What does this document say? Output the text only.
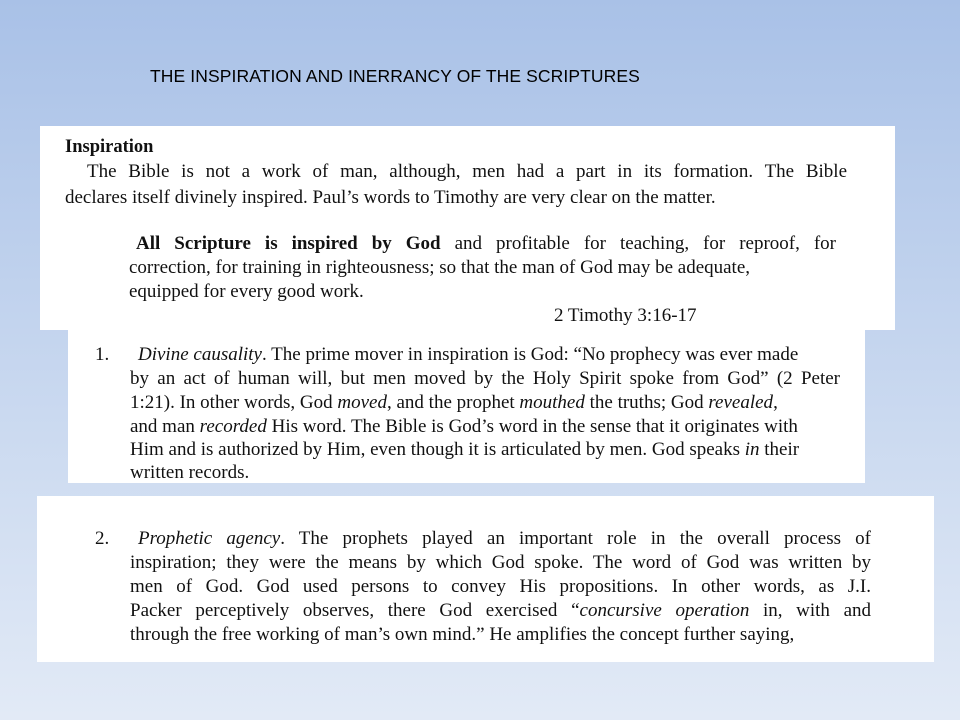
THE INSPIRATION AND INERRANCY OF THE SCRIPTURES
Inspiration
The Bible is not a work of man, although, men had a part in its formation. The Bible
declares itself divinely inspired. Paul’s words to Timothy are very clear on the matter.
All Scripture is inspired by God and profitable for teaching, for reproof, for
correction, for training in righteousness; so that the man of God may be adequate,
equipped for every good work.
2 Timothy 3:16-17
1. Divine causality. The prime mover in inspiration is God: “No prophecy was ever made
by an act of human will, but men moved by the Holy Spirit spoke from God” (2 Peter
1:21). In other words, God moved, and the prophet mouthed the truths; God revealed,
and man recorded His word. The Bible is God’s word in the sense that it originates with
Him and is authorized by Him, even though it is articulated by men. God speaks in their
written records.
2. Prophetic agency. The prophets played an important role in the overall process of
inspiration; they were the means by which God spoke. The word of God was written by
men of God. God used persons to convey His propositions. In other words, as J.I.
Packer perceptively observes, there God exercised “concursive operation in, with and
through the free working of man’s own mind.” He amplifies the concept further saying,
